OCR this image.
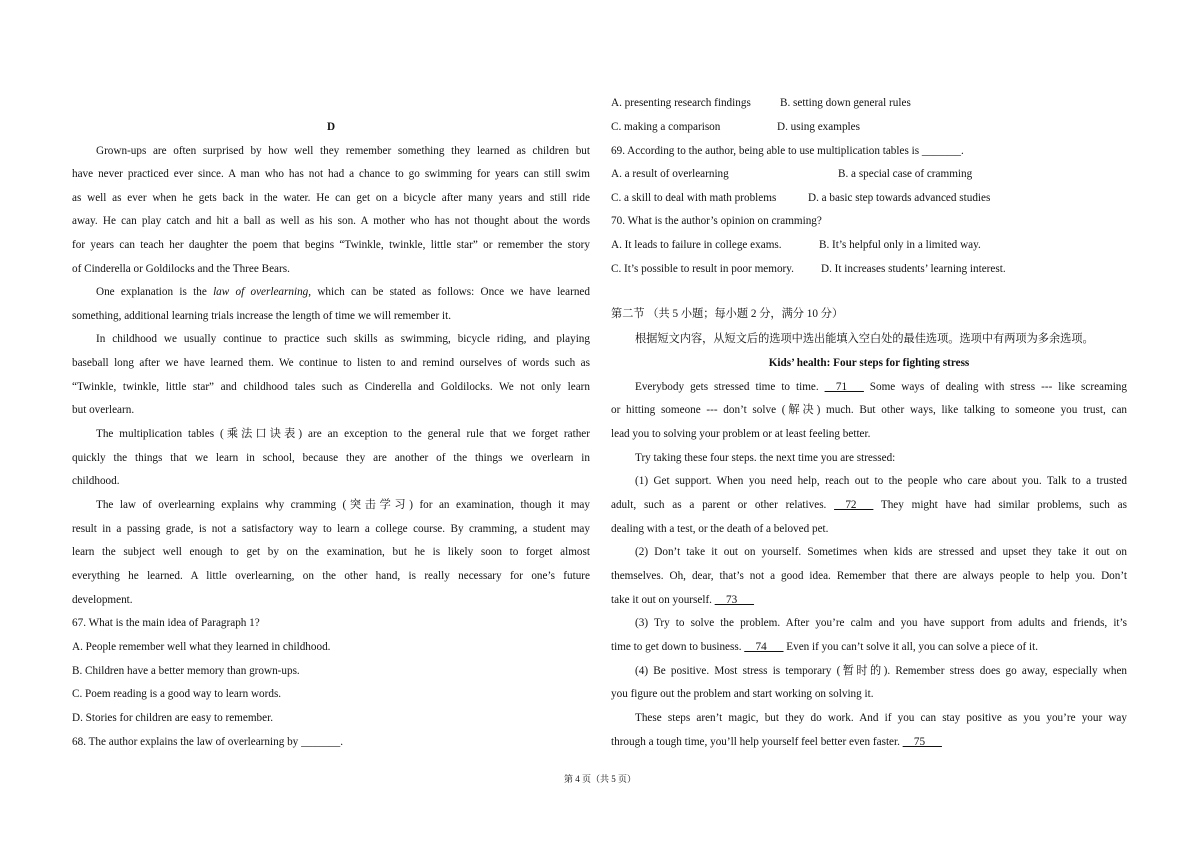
D
Grown-ups are often surprised by how well they remember something they learned as children but
have never practiced ever since. A man who has not had a chance to go swimming for years can still swim
as well as ever when he gets back in the water. He can get on a bicycle after many years and still ride
away. He can play catch and hit a ball as well as his son. A mother who has not thought about the words
for years can teach her daughter the poem that begins “Twinkle, twinkle, little star” or remember the story
of Cinderella or Goldilocks and the Three Bears.
One explanation is the law of overlearning, which can be stated as follows: Once we have learned
something, additional learning trials increase the length of time we will remember it.
In childhood we usually continue to practice such skills as swimming, bicycle riding, and playing
baseball long after we have learned them. We continue to listen to and remind ourselves of words such as
“Twinkle, twinkle, little star” and childhood tales such as Cinderella and Goldilocks. We not only learn
but overlearn.
The multiplication tables (乘法口诀表) are an exception to the general rule that we forget rather
quickly the things that we learn in school, because they are another of the things we overlearn in
childhood.
The law of overlearning explains why cramming (突击学习) for an examination, though it may
result in a passing grade, is not a satisfactory way to learn a college course. By cramming, a student may
learn the subject well enough to get by on the examination, but he is likely soon to forget almost
everything he learned. A little overlearning, on the other hand, is really necessary for one’s future
development.
67. What is the main idea of Paragraph 1?
A. People remember well what they learned in childhood.
B. Children have a better memory than grown-ups.
C. Poem reading is a good way to learn words.
D. Stories for children are easy to remember.
68. The author explains the law of overlearning by _______.
A. presenting research findings	B. setting down general rules
C. making a comparison	D. using examples
69. According to the author, being able to use multiplication tables is _______.
A. a result of overlearning	B. a special case of cramming
C. a skill to deal with math problems	D. a basic step towards advanced studies
70. What is the author’s opinion on cramming?
A. It leads to failure in college exams.	B. It’s helpful only in a limited way.
C. It’s possible to result in poor memory. D. It increases students’ learning interest.
第二节 （共 5 小题；每小题 2 分，满分 10 分）
根据短文内容，从短文后的选项中选出能填入空白处的最佳选项。选项中有两项为多余选项。
Kids’ health: Four steps for fighting stress
Everybody gets stressed time to time. __71___ Some ways of dealing with stress --- like screaming
or hitting someone --- don’t solve (解决) much. But other ways, like talking to someone you trust, can
lead you to solving your problem or at least feeling better.
Try taking these four steps. the next time you are stressed:
(1) Get support. When you need help, reach out to the people who care about you. Talk to a trusted
adult, such as a parent or other relatives. __72___ They might have had similar problems, such as
dealing with a test, or the death of a beloved pet.
(2) Don’t take it out on yourself. Sometimes when kids are stressed and upset they take it out on
themselves. Oh, dear, that’s not a good idea. Remember that there are always people to help you. Don’t
take it out on yourself. __73___
(3) Try to solve the problem. After you’re calm and you have support from adults and friends, it’s
time to get down to business. __74___ Even if you can’t solve it all, you can solve a piece of it.
(4) Be positive. Most stress is temporary (暂时的). Remember stress does go away, especially when
you figure out the problem and start working on solving it.
These steps aren’t magic, but they do work. And if you can stay positive as you you’re your way
through a tough time, you’ll help yourself feel better even faster. __75___
第 4 页（共 5 页）
